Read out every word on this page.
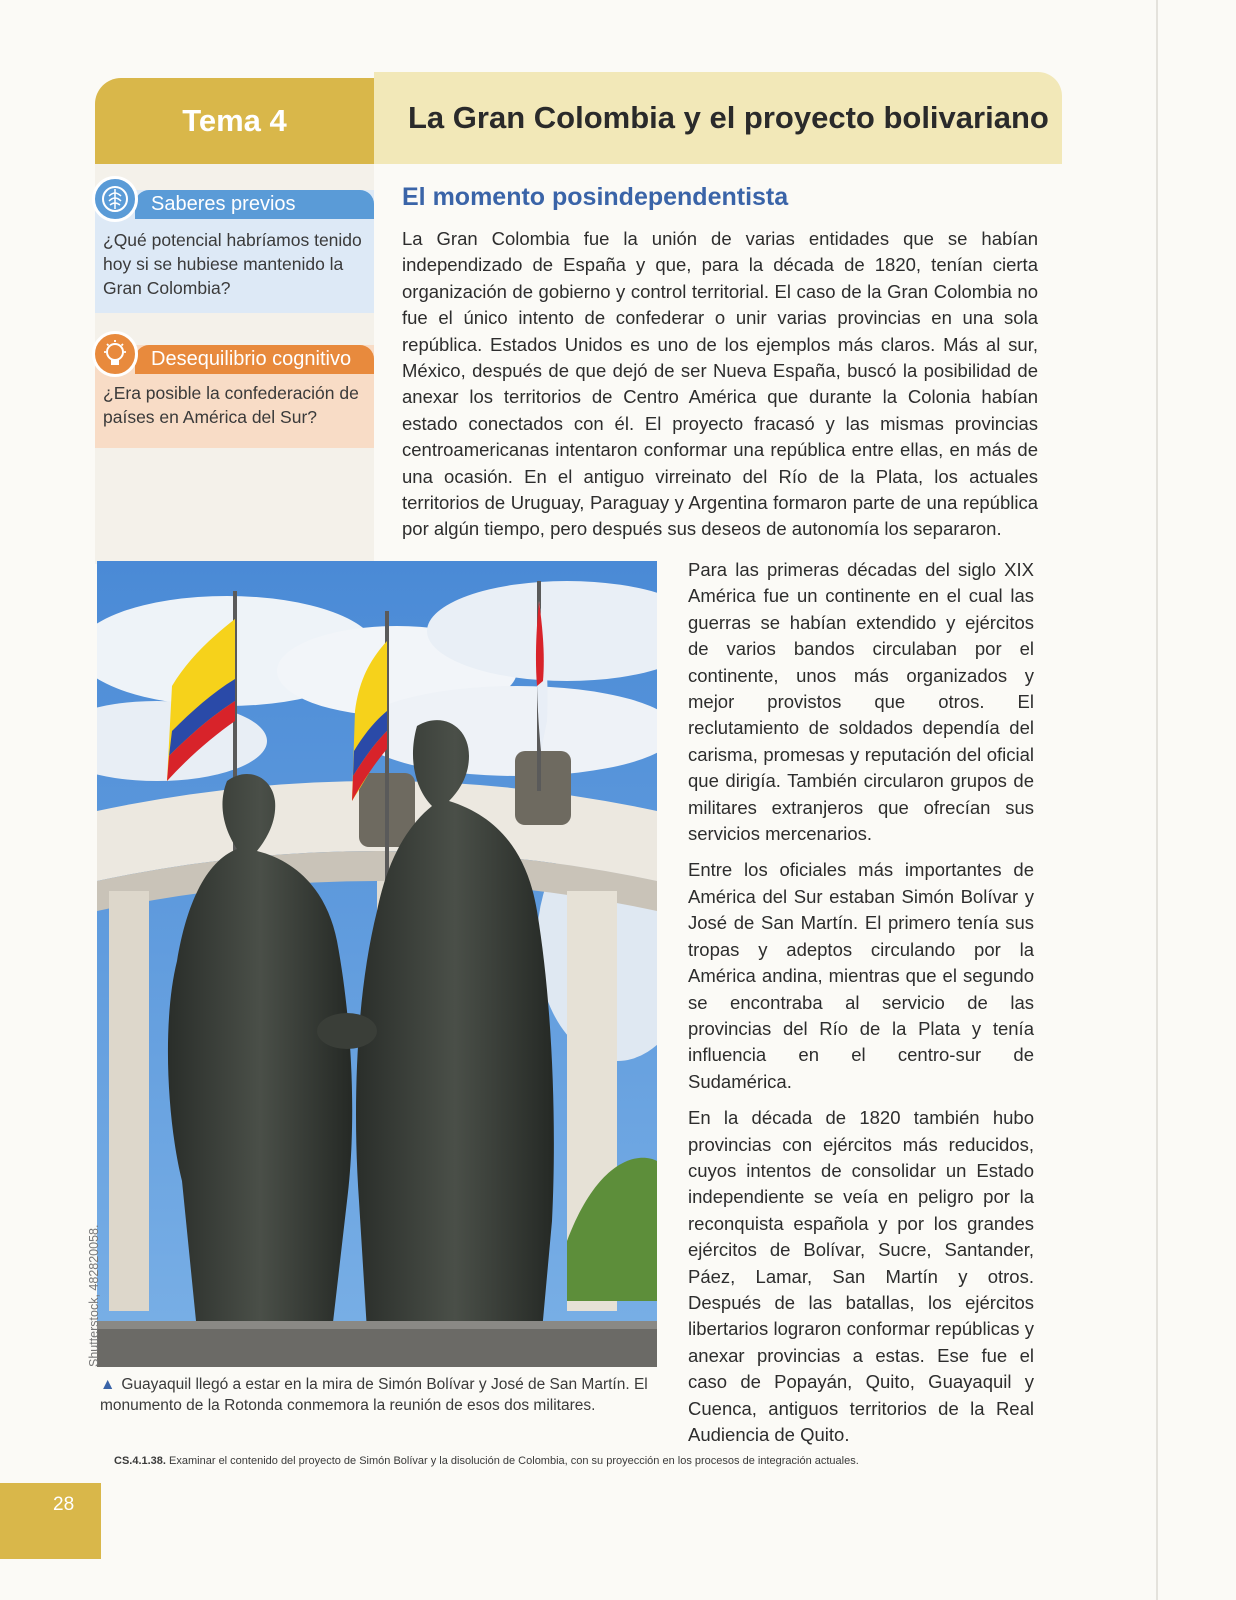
Tema 4	La Gran Colombia y el proyecto bolivariano
Saberes previos
¿Qué potencial habríamos tenido hoy si se hubiese mantenido la Gran Colombia?
Desequilibrio cognitivo
¿Era posible la confederación de países en América del Sur?
El momento posindependentista
La Gran Colombia fue la unión de varias entidades que se habían independizado de España y que, para la década de 1820, tenían cierta organización de gobierno y control territorial. El caso de la Gran Colombia no fue el único intento de confederar o unir varias provincias en una sola república. Estados Unidos es uno de los ejemplos más claros. Más al sur, México, después de que dejó de ser Nueva España, buscó la posibilidad de anexar los territorios de Centro América que durante la Colonia habían estado conectados con él. El proyecto fracasó y las mismas provincias centroamericanas intentaron conformar una república entre ellas, en más de una ocasión. En el antiguo virreinato del Río de la Plata, los actuales territorios de Uruguay, Paraguay y Argentina formaron parte de una república por algún tiempo, pero después sus deseos de autonomía los separaron.

Para las primeras décadas del siglo XIX América fue un continente en el cual las guerras se habían extendido y ejércitos de varios bandos circulaban por el continente, unos más organizados y mejor provistos que otros. El reclutamiento de soldados dependía del carisma, promesas y reputación del oficial que dirigía. También circularon grupos de militares extranjeros que ofrecían sus servicios mercenarios.

Entre los oficiales más importantes de América del Sur estaban Simón Bolívar y José de San Martín. El primero tenía sus tropas y adeptos circulando por la América andina, mientras que el segundo se encontraba al servicio de las provincias del Río de la Plata y tenía influencia en el centro-sur de Sudamérica.

En la década de 1820 también hubo provincias con ejércitos más reducidos, cuyos intentos de consolidar un Estado independiente se veía en peligro por la reconquista española y por los grandes ejércitos de Bolívar, Sucre, Santander, Páez, Lamar, San Martín y otros. Después de las batallas, los ejércitos libertarios lograron conformar repúblicas y anexar provincias a estas. Ese fue el caso de Popayán, Quito, Guayaquil y Cuenca, antiguos territorios de la Real Audiencia de Quito.

Shutterstock, 482820058.
▲ Guayaquil llegó a estar en la mira de Simón Bolívar y José de San Martín. El monumento de la Rotonda conmemora la reunión de esos dos militares.
CS.4.1.38. Examinar el contenido del proyecto de Simón Bolívar y la disolución de Colombia, con su proyección en los procesos de integración actuales.
28
